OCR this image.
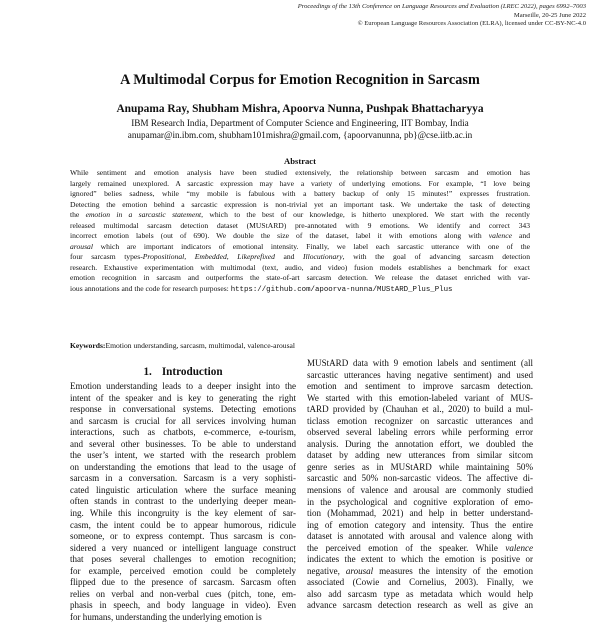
Proceedings of the 13th Conference on Language Resources and Evaluation (LREC 2022), pages 6992–7003
Marseille, 20-25 June 2022
© European Language Resources Association (ELRA), licensed under CC-BY-NC-4.0
A Multimodal Corpus for Emotion Recognition in Sarcasm
Anupama Ray, Shubham Mishra, Apoorva Nunna, Pushpak Bhattacharyya
IBM Research India, Department of Computer Science and Engineering, IIT Bombay, India
anupamar@in.ibm.com, shubham101mishra@gmail.com, {apoorvanunna, pb}@cse.iitb.ac.in
Abstract
While sentiment and emotion analysis have been studied extensively, the relationship between sarcasm and emotion has
largely remained unexplored. A sarcastic expression may have a variety of underlying emotions. For example, “I love being
ignored” belies sadness, while “my mobile is fabulous with a battery backup of only 15 minutes!” expresses frustration.
Detecting the emotion behind a sarcastic expression is non-trivial yet an important task. We undertake the task of detecting
the emotion in a sarcastic statement, which to the best of our knowledge, is hitherto unexplored. We start with the recently
released multimodal sarcasm detection dataset (MUStARD) pre-annotated with 9 emotions. We identify and correct 343
incorrect emotion labels (out of 690). We double the size of the dataset, label it with emotions along with valence and
arousal which are important indicators of emotional intensity. Finally, we label each sarcastic utterance with one of the
four sarcasm types-Propositional, Embedded, Likeprefixed and Illocutionary, with the goal of advancing sarcasm detection
research. Exhaustive experimentation with multimodal (text, audio, and video) fusion models establishes a benchmark for exact
emotion recognition in sarcasm and outperforms the state-of-art sarcasm detection. We release the dataset enriched with var-
ious annotations and the code for research purposes: https://github.com/apoorva-nunna/MUStARD_Plus_Plus
Keywords:Emotion understanding, sarcasm, multimodal, valence-arousal
1. Introduction
Emotion understanding leads to a deeper insight into the
intent of the speaker and is key to generating the right
response in conversational systems. Detecting emotions
and sarcasm is crucial for all services involving human
interactions, such as chatbots, e-commerce, e-tourism,
and several other businesses. To be able to understand
the user’s intent, we started with the research problem
on understanding the emotions that lead to the usage of
sarcasm in a conversation. Sarcasm is a very sophisti-
cated linguistic articulation where the surface meaning
often stands in contrast to the underlying deeper mean-
ing. While this incongruity is the key element of sar-
casm, the intent could be to appear humorous, ridicule
someone, or to express contempt. Thus sarcasm is con-
sidered a very nuanced or intelligent language construct
that poses several challenges to emotion recognition;
for example, perceived emotion could be completely
flipped due to the presence of sarcasm. Sarcasm often
relies on verbal and non-verbal cues (pitch, tone, em-
phasis in speech, and body language in video). Even
for humans, understanding the underlying emotion is
MUStARD data with 9 emotion labels and sentiment (all
sarcastic utterances having negative sentiment) and used
emotion and sentiment to improve sarcasm detection.
We started with this emotion-labeled variant of MUS-
tARD provided by (Chauhan et al., 2020) to build a mul-
ticlass emotion recognizer on sarcastic utterances and
observed several labeling errors while performing error
analysis. During the annotation effort, we doubled the
dataset by adding new utterances from similar sitcom
genre series as in MUStARD while maintaining 50%
sarcastic and 50% non-sarcastic videos. The affective di-
mensions of valence and arousal are commonly studied
in the psychological and cognitive exploration of emo-
tion (Mohammad, 2021) and help in better understand-
ing of emotion category and intensity. Thus the entire
dataset is annotated with arousal and valence along with
the perceived emotion of the speaker. While valence
indicates the extent to which the emotion is positive or
negative, arousal measures the intensity of the emotion
associated (Cowie and Cornelius, 2003). Finally, we
also add sarcasm type as metadata which would help
advance sarcasm detection research as well as give an
